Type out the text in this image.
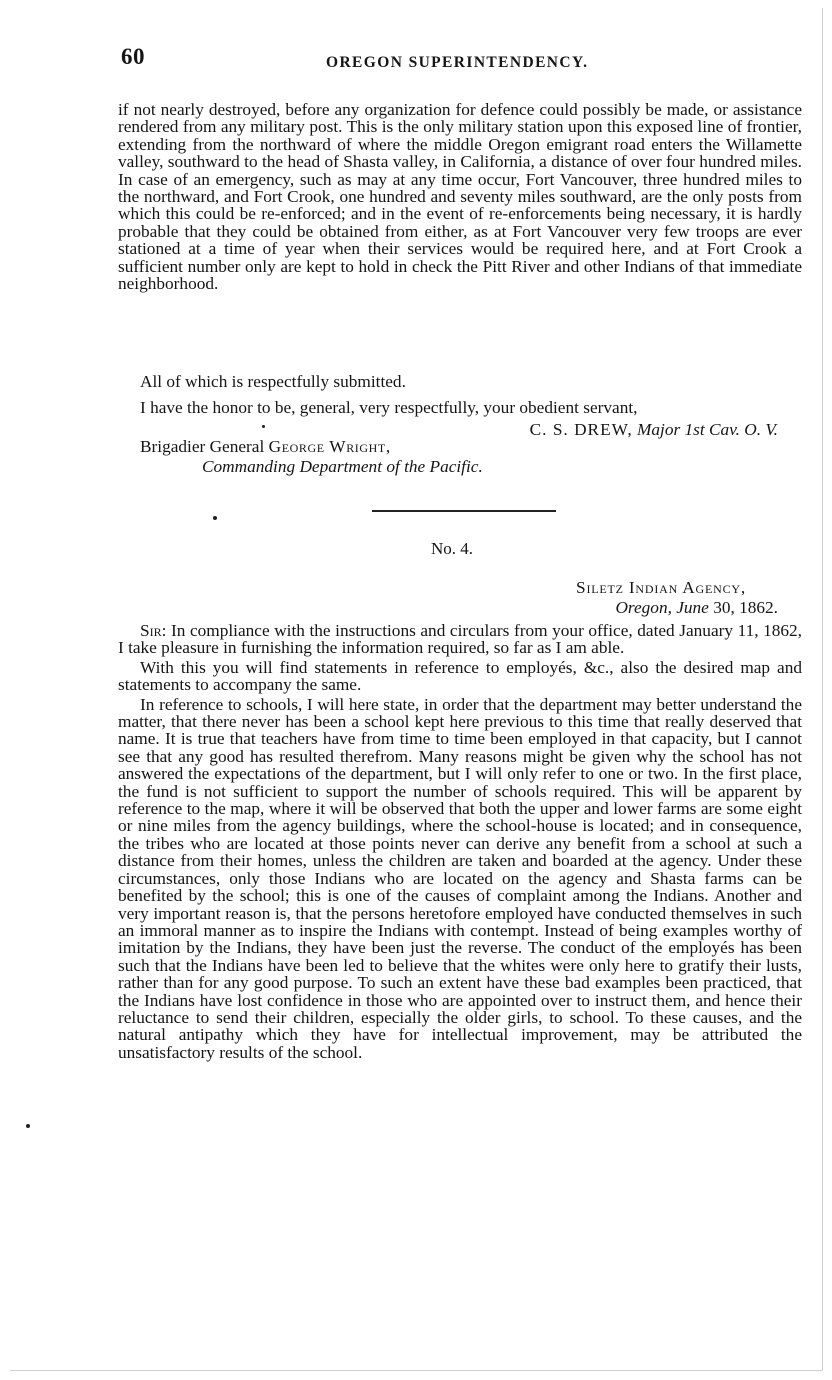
60	OREGON SUPERINTENDENCY.

if not nearly destroyed, before any organization for defence could possibly be made, or assistance rendered from any military post. This is the only military station upon this exposed line of frontier, extending from the northward of where the middle Oregon emigrant road enters the Willamette valley, southward to the head of Shasta valley, in California, a distance of over four hundred miles. In case of an emergency, such as may at any time occur, Fort Vancouver, three hundred miles to the northward, and Fort Crook, one hundred and seventy miles southward, are the only posts from which this could be re-enforced; and in the event of re-enforcements being necessary, it is hardly probable that they could be obtained from either, as at Fort Vancouver very few troops are ever stationed at a time of year when their services would be required here, and at Fort Crook a sufficient number only are kept to hold in check the Pitt River and other Indians of that immediate neighborhood.

All of which is respectfully submitted.
I have the honor to be, general, very respectfully, your obedient servant,
C. S. DREW, Major 1st Cav. O. V.
Brigadier General George Wright,
Commanding Department of the Pacific.
No. 4.
Siletz Indian Agency,
Oregon, June 30, 1862.

Sir: In compliance with the instructions and circulars from your office, dated January 11, 1862, I take pleasure in furnishing the information required, so far as I am able.

With this you will find statements in reference to employés, &c., also the desired map and statements to accompany the same.

In reference to schools, I will here state, in order that the department may better understand the matter, that there never has been a school kept here previous to this time that really deserved that name. It is true that teachers have from time to time been employed in that capacity, but I cannot see that any good has resulted therefrom. Many reasons might be given why the school has not answered the expectations of the department, but I will only refer to one or two. In the first place, the fund is not sufficient to support the number of schools required. This will be apparent by reference to the map, where it will be observed that both the upper and lower farms are some eight or nine miles from the agency buildings, where the school-house is located; and in consequence, the tribes who are located at those points never can derive any benefit from a school at such a distance from their homes, unless the children are taken and boarded at the agency. Under these circumstances, only those Indians who are located on the agency and Shasta farms can be benefited by the school; this is one of the causes of complaint among the Indians. Another and very important reason is, that the persons heretofore employed have conducted themselves in such an immoral manner as to inspire the Indians with contempt. Instead of being examples worthy of imitation by the Indians, they have been just the reverse. The conduct of the employés has been such that the Indians have been led to believe that the whites were only here to gratify their lusts, rather than for any good purpose. To such an extent have these bad examples been practiced, that the Indians have lost confidence in those who are appointed over to instruct them, and hence their reluctance to send their children, especially the older girls, to school. To these causes, and the natural antipathy which they have for intellectual improvement, may be attributed the unsatisfactory results of the school.
